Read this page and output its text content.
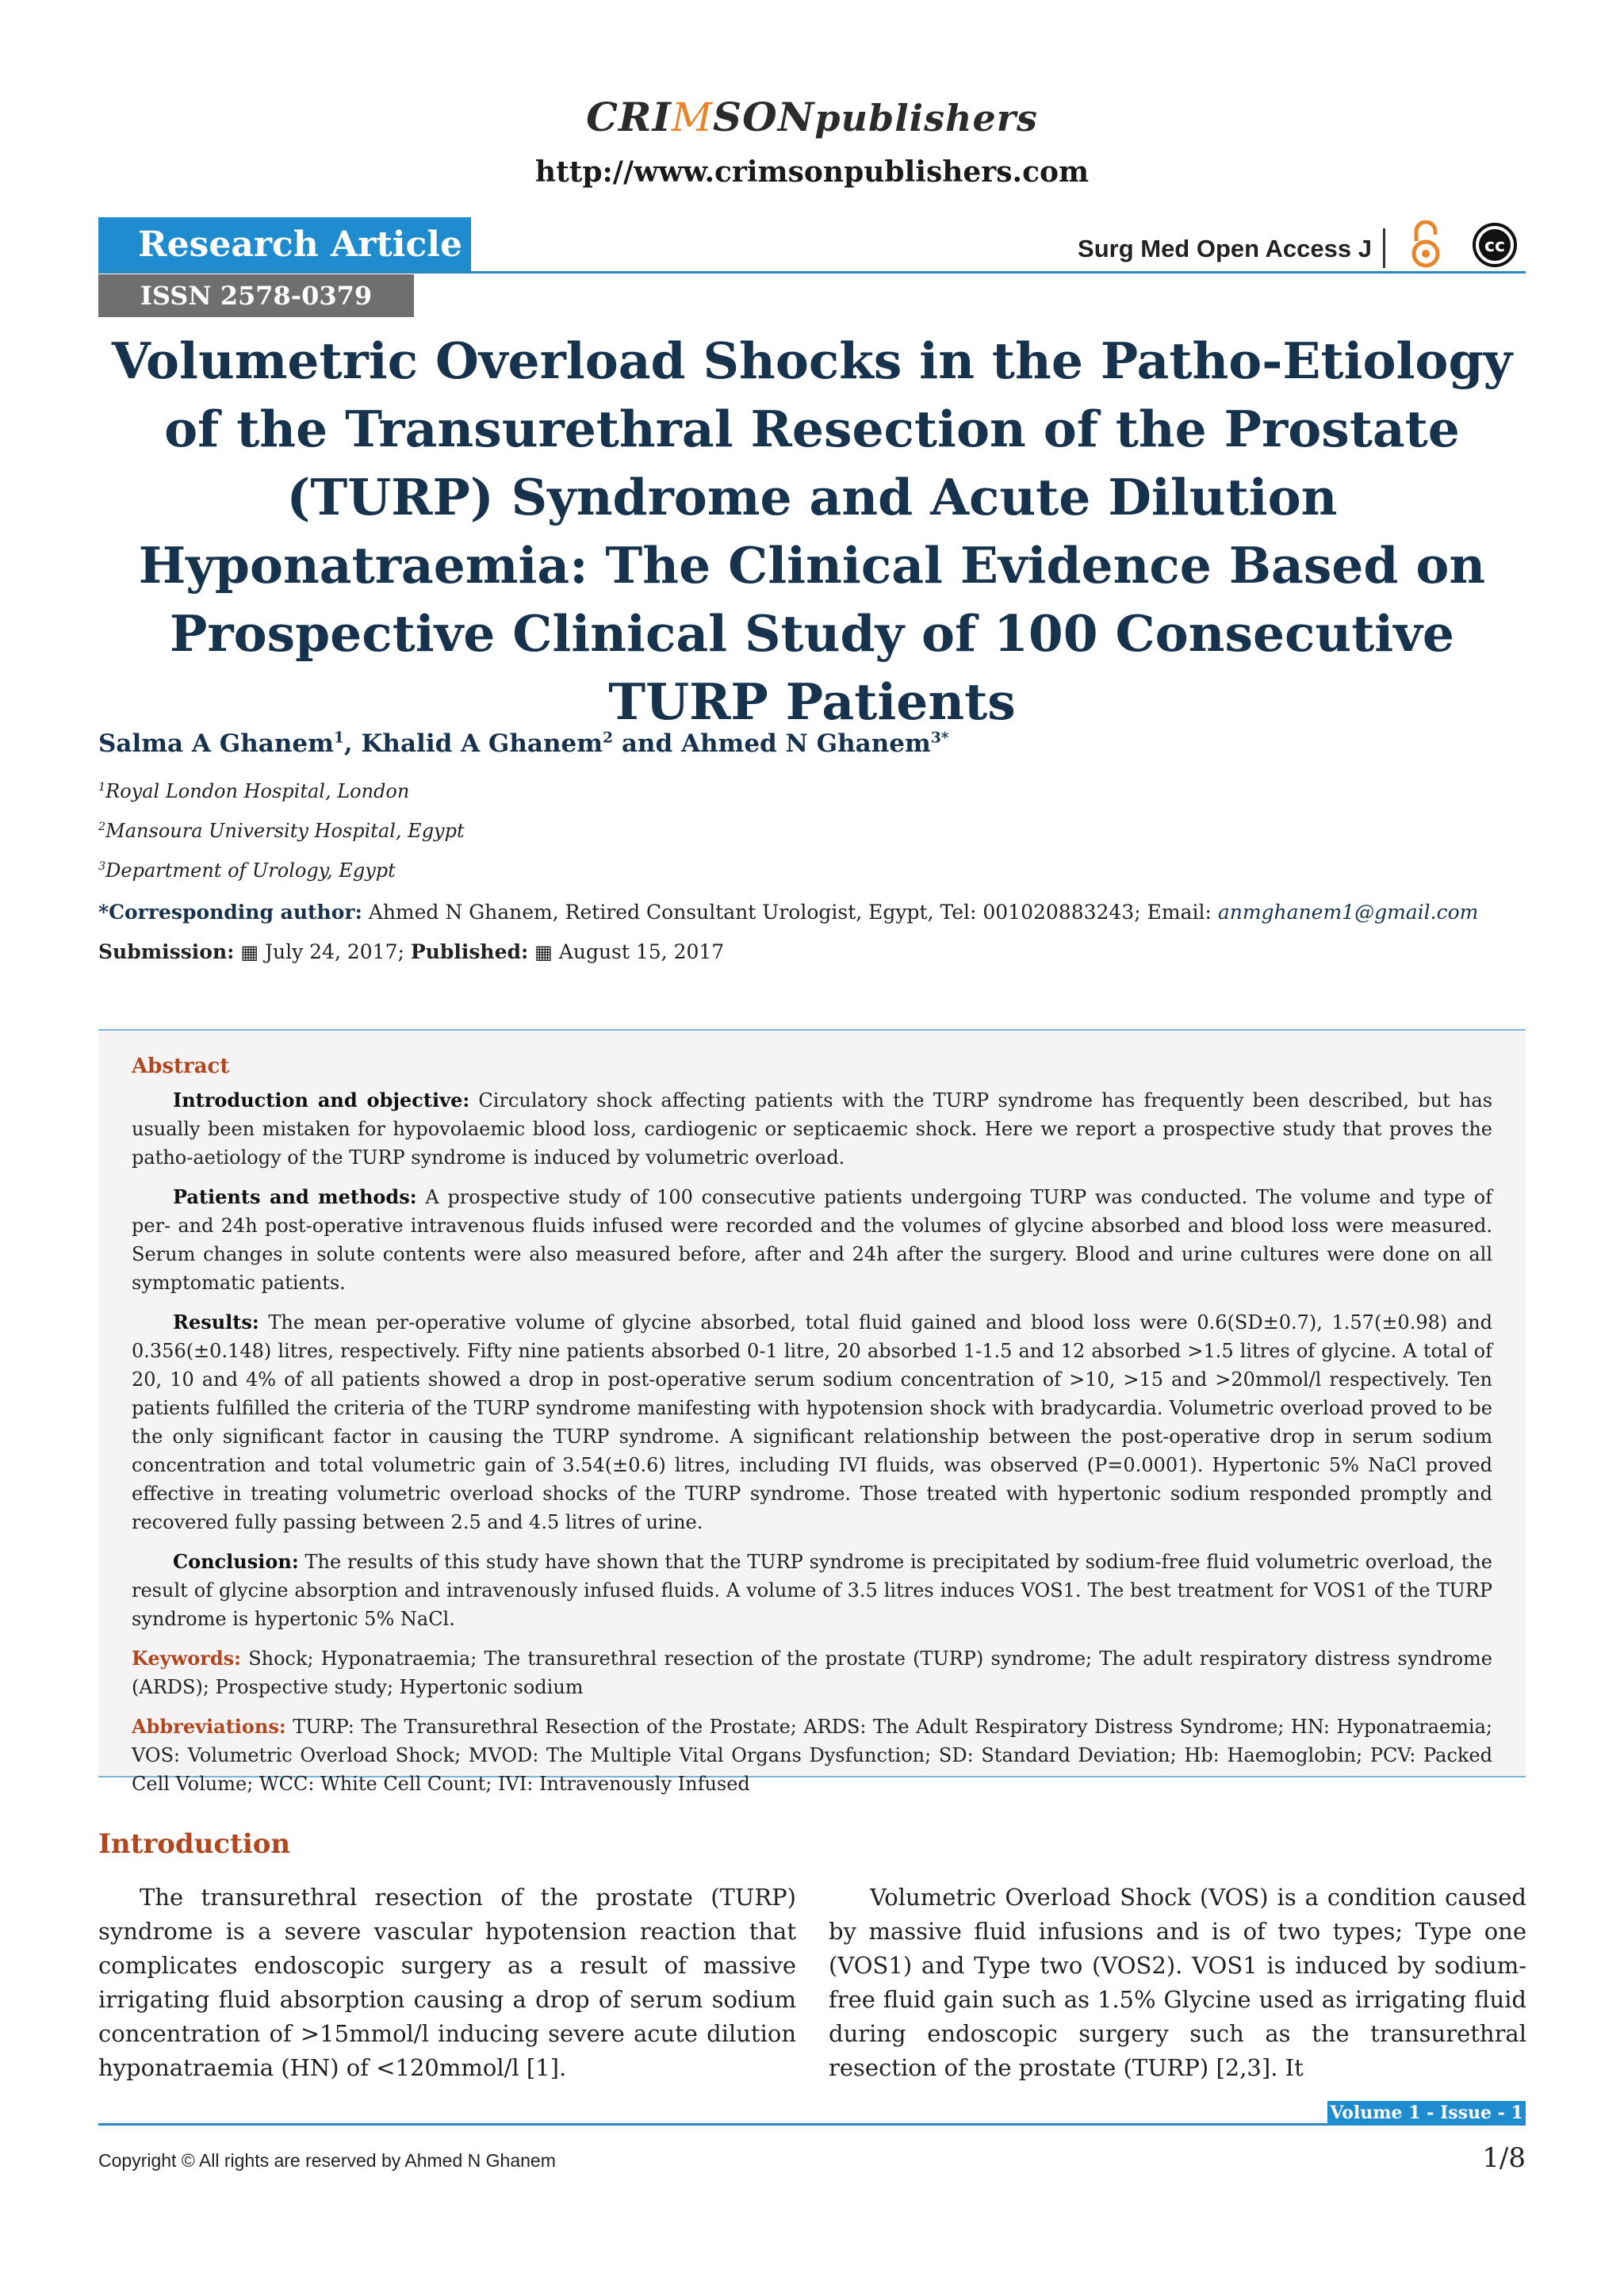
CRIMSONpublishers
http://www.crimsonpublishers.com
Research Article
ISSN 2578-0379
Surg Med Open Access J	cc
Volumetric Overload Shocks in the Patho-Etiology of the Transurethral Resection of the Prostate (TURP) Syndrome and Acute Dilution Hyponatraemia: The Clinical Evidence Based on Prospective Clinical Study of 100 Consecutive TURP Patients
Salma A Ghanem$^1$, Khalid A Ghanem$^2$ and Ahmed N Ghanem$^{3*}$
$^1$Royal London Hospital, London
$^2$Mansoura University Hospital, Egypt
$^3$Department of Urology, Egypt
*Corresponding author: Ahmed N Ghanem, Retired Consultant Urologist, Egypt, Tel: 001020883243; Email: anmghanem1@gmail.com
Submission: ▦ July 24, 2017; Published: ▦ August 15, 2017
Abstract
Introduction and objective: Circulatory shock affecting patients with the TURP syndrome has frequently been described, but has usually been mistaken for hypovolaemic blood loss, cardiogenic or septicaemic shock. Here we report a prospective study that proves the patho-aetiology of the TURP syndrome is induced by volumetric overload.
Patients and methods: A prospective study of 100 consecutive patients undergoing TURP was conducted. The volume and type of per- and 24h post-operative intravenous fluids infused were recorded and the volumes of glycine absorbed and blood loss were measured. Serum changes in solute contents were also measured before, after and 24h after the surgery. Blood and urine cultures were done on all symptomatic patients.
Results: The mean per-operative volume of glycine absorbed, total fluid gained and blood loss were 0.6(SD±0.7), 1.57(±0.98) and 0.356(±0.148) litres, respectively. Fifty nine patients absorbed 0-1 litre, 20 absorbed 1-1.5 and 12 absorbed >1.5 litres of glycine. A total of 20, 10 and 4% of all patients showed a drop in post-operative serum sodium concentration of >10, >15 and >20mmol/l respectively. Ten patients fulfilled the criteria of the TURP syndrome manifesting with hypotension shock with bradycardia. Volumetric overload proved to be the only significant factor in causing the TURP syndrome. A significant relationship between the post-operative drop in serum sodium concentration and total volumetric gain of 3.54(±0.6) litres, including IVI fluids, was observed (P=0.0001). Hypertonic 5% NaCl proved effective in treating volumetric overload shocks of the TURP syndrome. Those treated with hypertonic sodium responded promptly and recovered fully passing between 2.5 and 4.5 litres of urine.
Conclusion: The results of this study have shown that the TURP syndrome is precipitated by sodium-free fluid volumetric overload, the result of glycine absorption and intravenously infused fluids. A volume of 3.5 litres induces VOS1. The best treatment for VOS1 of the TURP syndrome is hypertonic 5% NaCl.
Keywords: Shock; Hyponatraemia; The transurethral resection of the prostate (TURP) syndrome; The adult respiratory distress syndrome (ARDS); Prospective study; Hypertonic sodium
Abbreviations: TURP: The Transurethral Resection of the Prostate; ARDS: The Adult Respiratory Distress Syndrome; HN: Hyponatraemia; VOS: Volumetric Overload Shock; MVOD: The Multiple Vital Organs Dysfunction; SD: Standard Deviation; Hb: Haemoglobin; PCV: Packed Cell Volume; WCC: White Cell Count; IVI: Intravenously Infused
Introduction
The transurethral resection of the prostate (TURP) syndrome is a severe vascular hypotension reaction that complicates endoscopic surgery as a result of massive irrigating fluid absorption causing a drop of serum sodium concentration of >15mmol/l inducing severe acute dilution hyponatraemia (HN) of <120mmol/l [1].
Volumetric Overload Shock (VOS) is a condition caused by massive fluid infusions and is of two types; Type one (VOS1) and Type two (VOS2). VOS1 is induced by sodium-free fluid gain such as 1.5% Glycine used as irrigating fluid during endoscopic surgery such as the transurethral resection of the prostate (TURP) [2,3]. It
Volume 1 - Issue - 1
Copyright © All rights are reserved by Ahmed N Ghanem	1/8
